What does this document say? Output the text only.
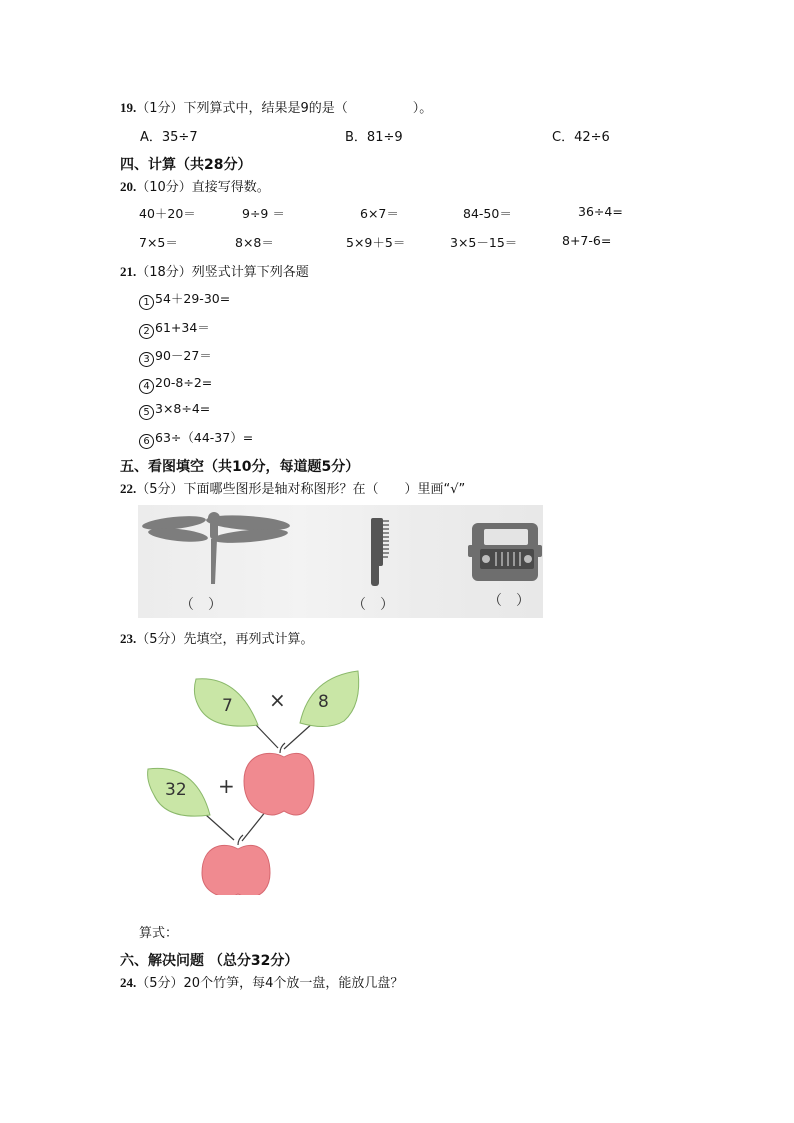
19.（1分）下列算式中，结果是9的是（　　　　　）。
A．35÷7	B．81÷9	C．42÷6
四、计算（共28分）
20.（10分）直接写得数。
40＋20＝	9÷9 ＝	6×7＝	84-50＝	36÷4=
7×5＝	8×8＝	5×9＋5＝	3×5－15＝	8+7-6=
21.（18分）列竖式计算下列各题
1 54＋29-30=
2 61+34＝
3 90－27＝
4 20-8÷2=
5 3×8÷4=
6 63÷（44-37）=
五、看图填空（共10分，每道题5分）
22.（5分）下面哪些图形是轴对称图形？在（　　）里画“√”
（　）	（　）	（　）
23.（5分）先填空，再列式计算。
7	8
32
×
+
算式：
六、解决问题 （总分32分）
24.（5分）20个竹笋，每4个放一盘，能放几盘？
